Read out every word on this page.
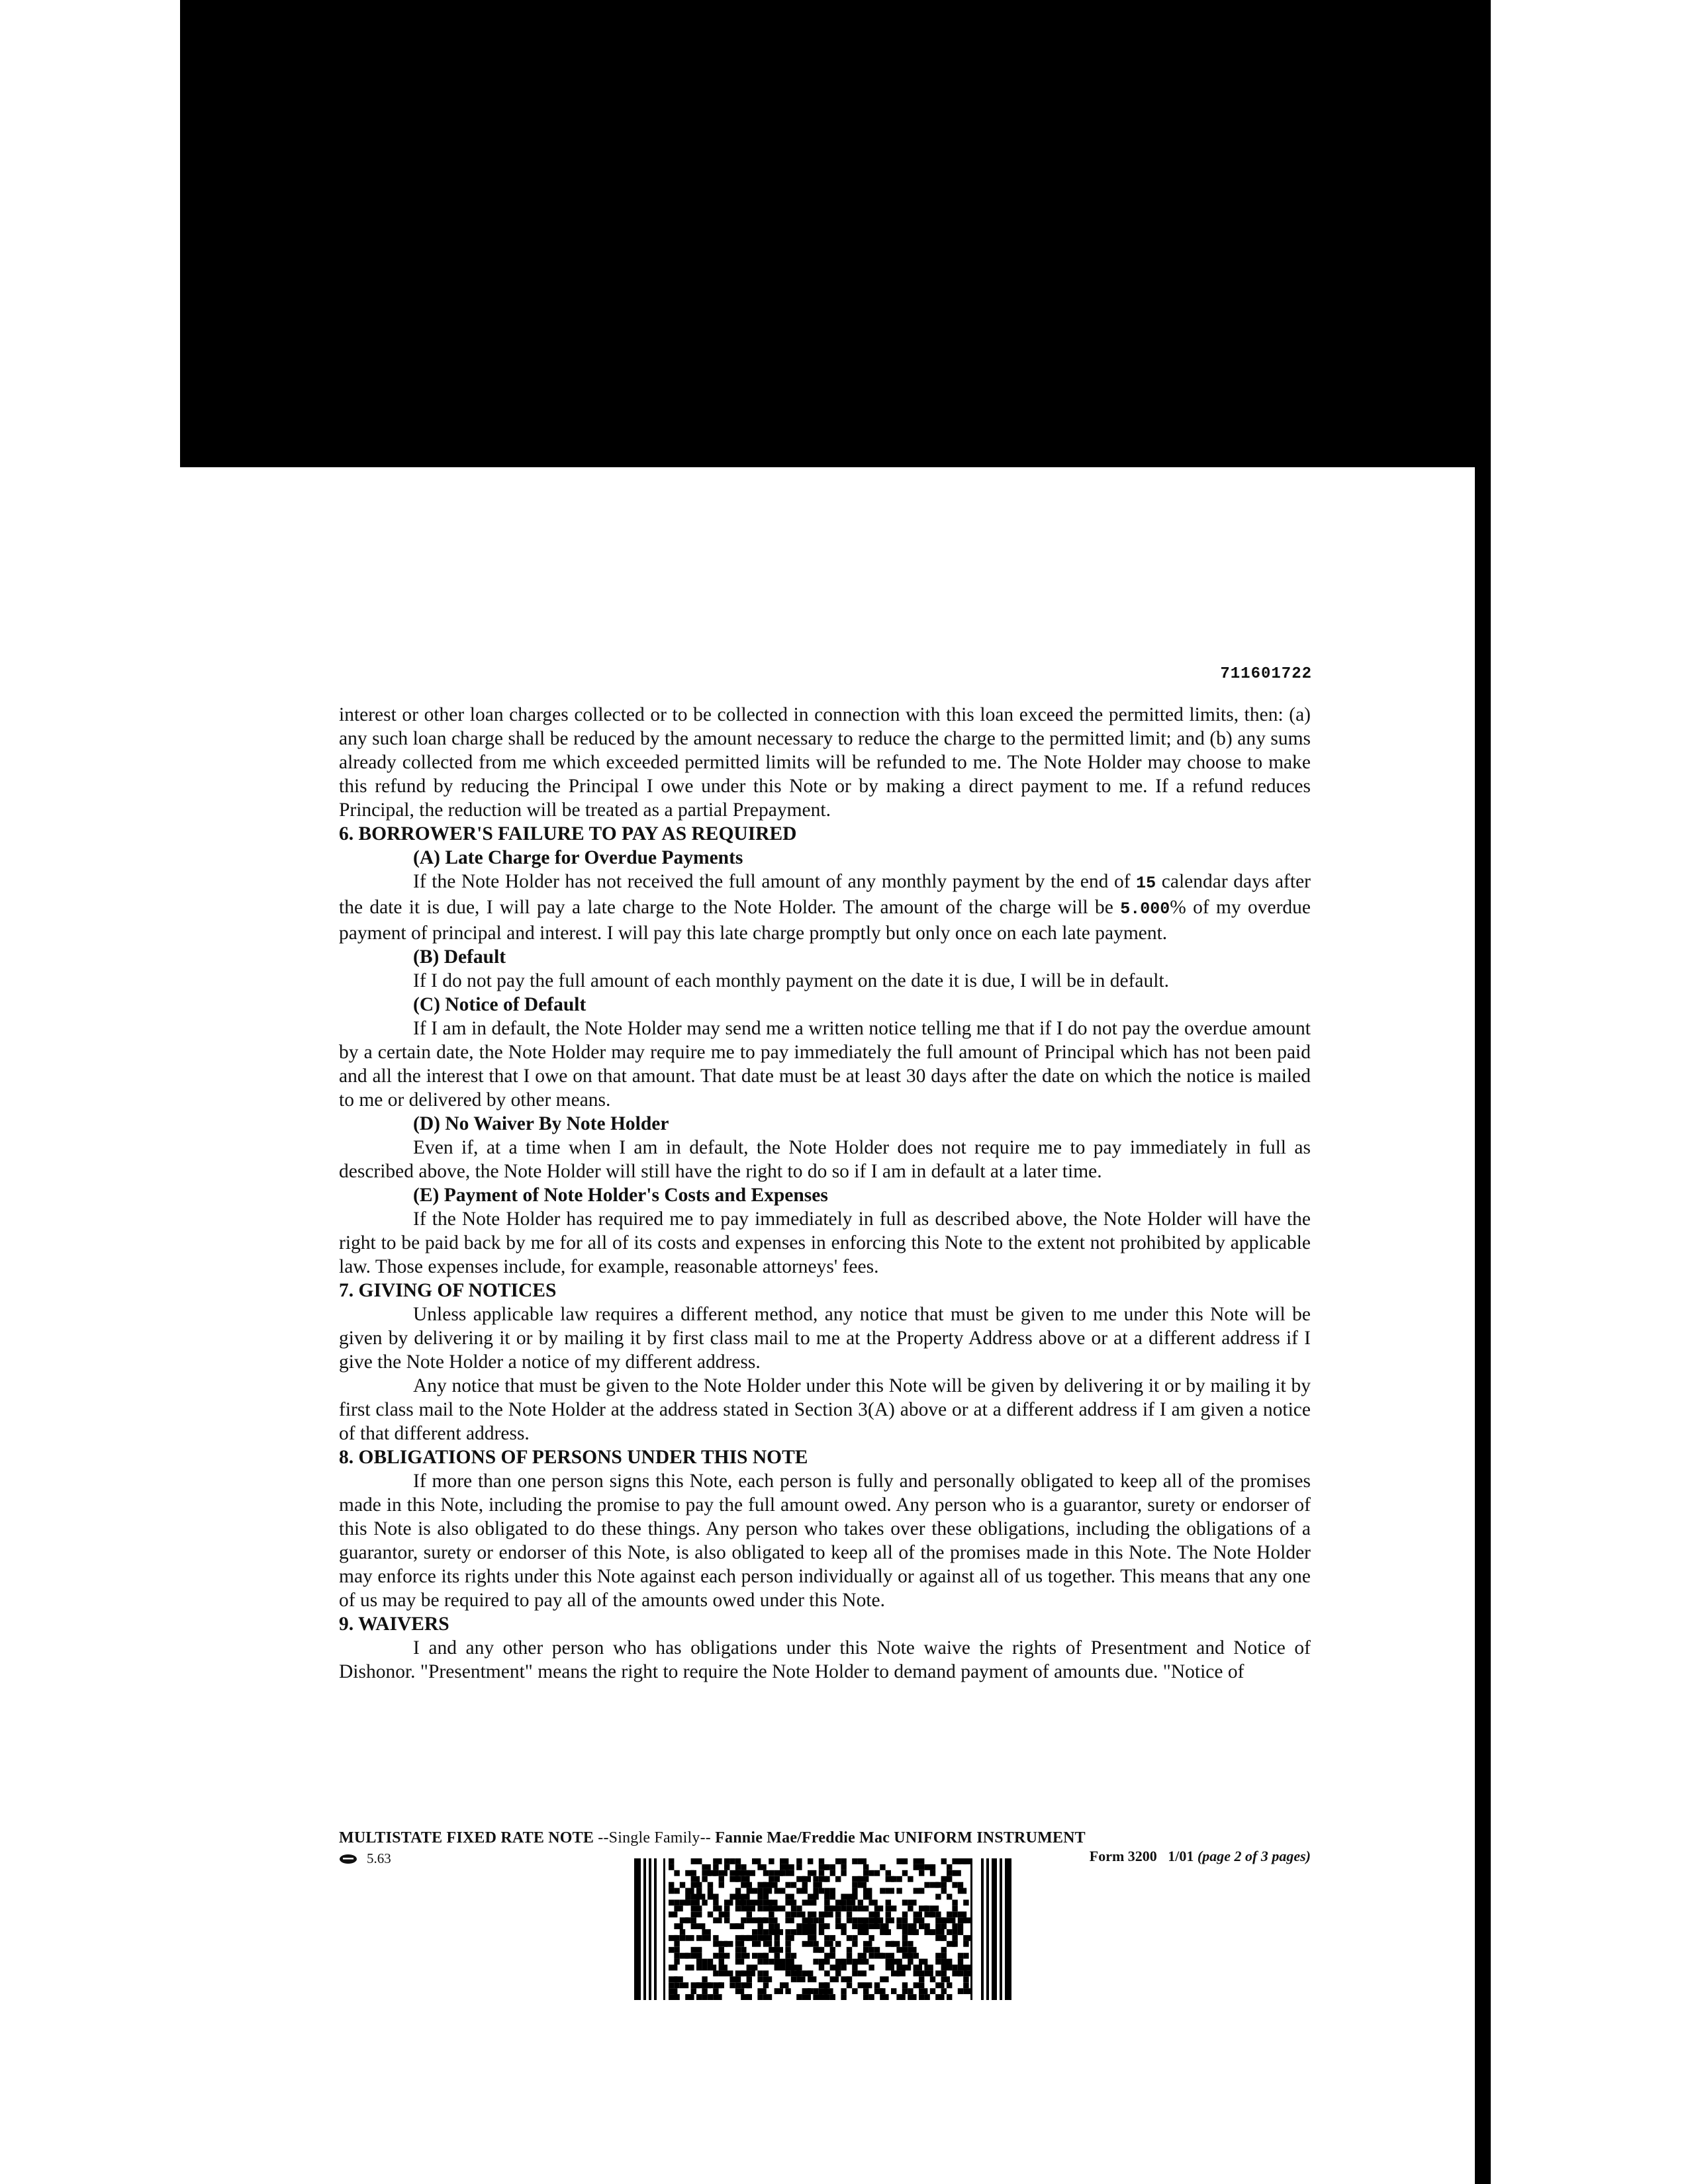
711601722

interest or other loan charges collected or to be collected in connection with this loan exceed the permitted limits, then: (a) any such loan charge shall be reduced by the amount necessary to reduce the charge to the permitted limit; and (b) any sums already collected from me which exceeded permitted limits will be refunded to me. The Note Holder may choose to make this refund by reducing the Principal I owe under this Note or by making a direct payment to me. If a refund reduces Principal, the reduction will be treated as a partial Prepayment.

6. BORROWER'S FAILURE TO PAY AS REQUIRED

(A) Late Charge for Overdue Payments

If the Note Holder has not received the full amount of any monthly payment by the end of 15 calendar days after the date it is due, I will pay a late charge to the Note Holder. The amount of the charge will be 5.000% of my overdue payment of principal and interest. I will pay this late charge promptly but only once on each late payment.

(B) Default

If I do not pay the full amount of each monthly payment on the date it is due, I will be in default.

(C) Notice of Default

If I am in default, the Note Holder may send me a written notice telling me that if I do not pay the overdue amount by a certain date, the Note Holder may require me to pay immediately the full amount of Principal which has not been paid and all the interest that I owe on that amount. That date must be at least 30 days after the date on which the notice is mailed to me or delivered by other means.

(D) No Waiver By Note Holder

Even if, at a time when I am in default, the Note Holder does not require me to pay immediately in full as described above, the Note Holder will still have the right to do so if I am in default at a later time.

(E) Payment of Note Holder's Costs and Expenses

If the Note Holder has required me to pay immediately in full as described above, the Note Holder will have the right to be paid back by me for all of its costs and expenses in enforcing this Note to the extent not prohibited by applicable law. Those expenses include, for example, reasonable attorneys' fees.

7. GIVING OF NOTICES

Unless applicable law requires a different method, any notice that must be given to me under this Note will be given by delivering it or by mailing it by first class mail to me at the Property Address above or at a different address if I give the Note Holder a notice of my different address.

Any notice that must be given to the Note Holder under this Note will be given by delivering it or by mailing it by first class mail to the Note Holder at the address stated in Section 3(A) above or at a different address if I am given a notice of that different address.

8. OBLIGATIONS OF PERSONS UNDER THIS NOTE

If more than one person signs this Note, each person is fully and personally obligated to keep all of the promises made in this Note, including the promise to pay the full amount owed. Any person who is a guarantor, surety or endorser of this Note is also obligated to do these things. Any person who takes over these obligations, including the obligations of a guarantor, surety or endorser of this Note, is also obligated to keep all of the promises made in this Note. The Note Holder may enforce its rights under this Note against each person individually or against all of us together. This means that any one of us may be required to pay all of the amounts owed under this Note.

9. WAIVERS

I and any other person who has obligations under this Note waive the rights of Presentment and Notice of Dishonor. "Presentment" means the right to require the Note Holder to demand payment of amounts due. "Notice of

MULTISTATE FIXED RATE NOTE --Single Family-- Fannie Mae/Freddie Mac UNIFORM INSTRUMENT
5.63	Form 3200 1/01 (page 2 of 3 pages)
